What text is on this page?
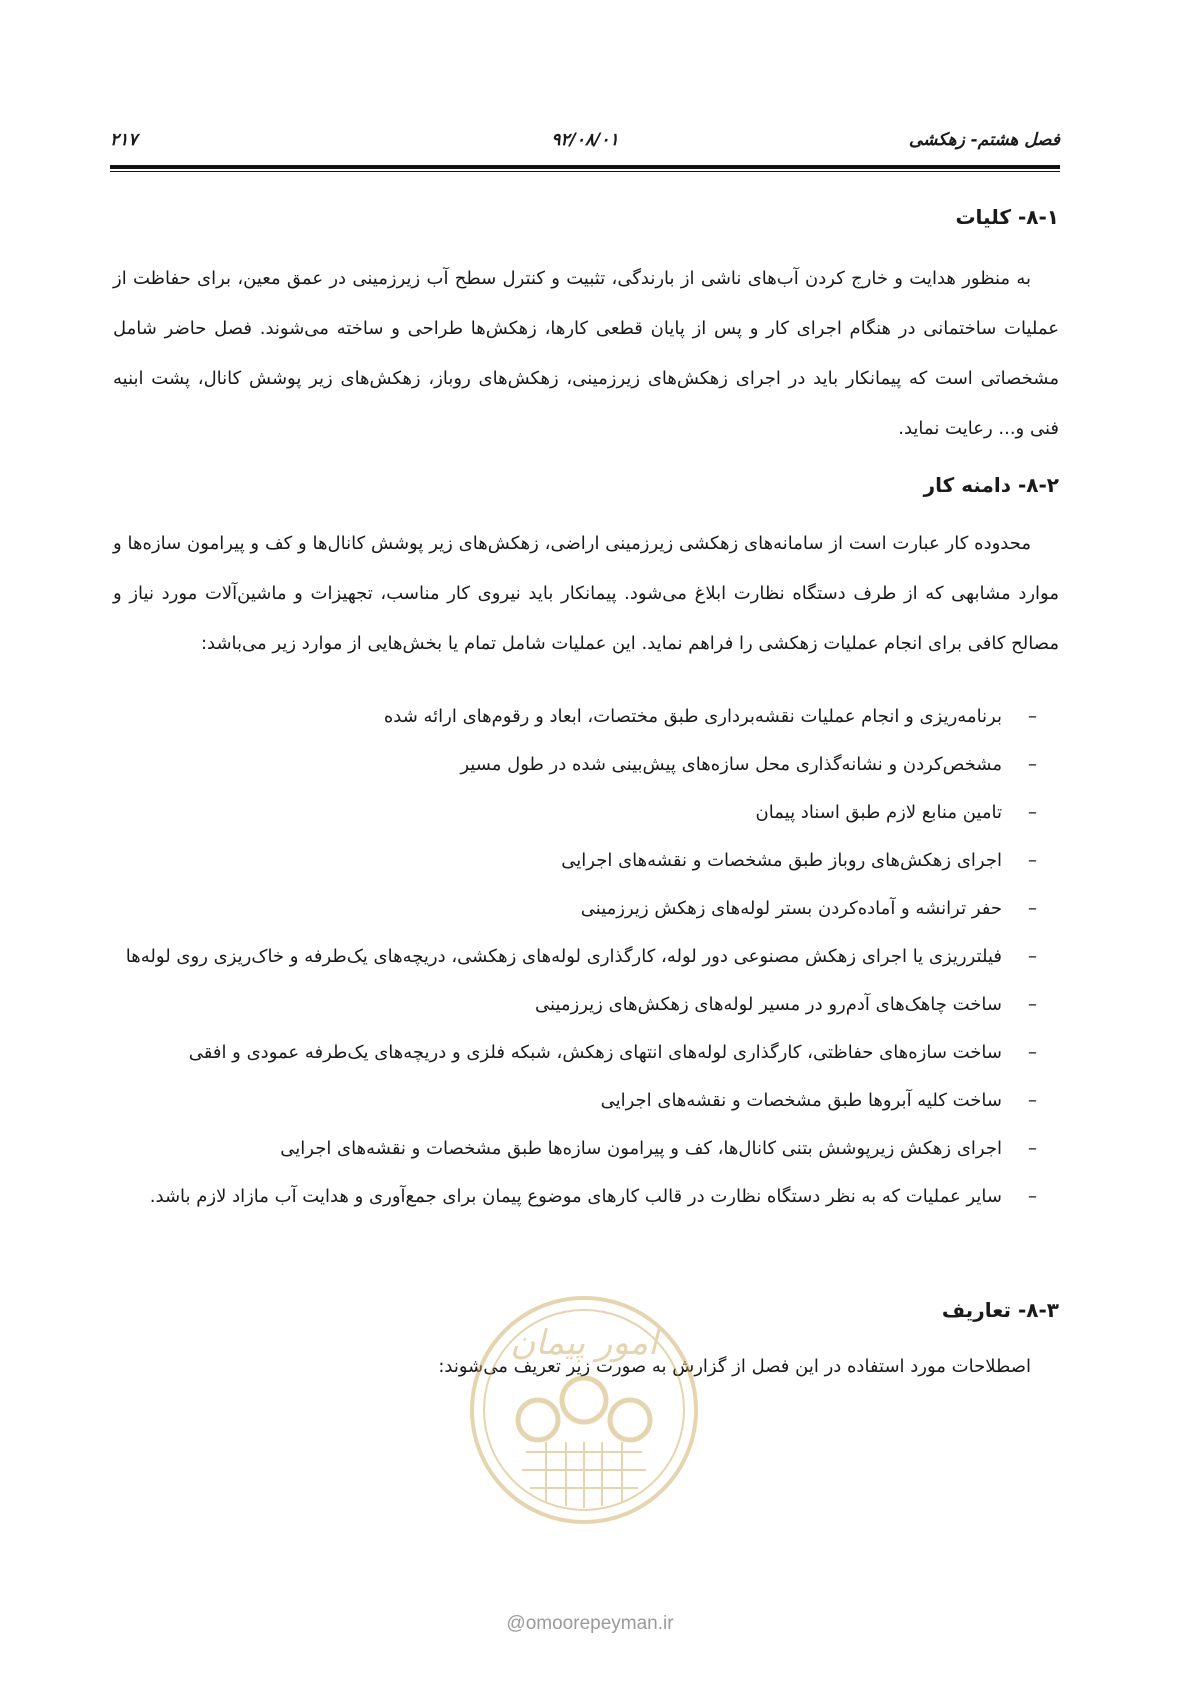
فصل هشتم- زهکشی
۹۲/۰۸/۰۱
۲۱۷
۸-۱- کلیات
به منظور هدایت و خارج کردن آب‌های ناشی از بارندگی، تثبیت و کنترل سطح آب زیرزمینی در عمق معین، برای حفاظت از عملیات ساختمانی در هنگام اجرای کار و پس از پایان قطعی کارها، زهکش‌ها طراحی و ساخته می‌شوند. فصل حاضر شامل مشخصاتی است که پیمانکار باید در اجرای زهکش‌های زیرزمینی، زهکش‌های روباز، زهکش‌های زیر پوشش کانال، پشت ابنیه فنی و... رعایت نماید.
۸-۲- دامنه کار
محدوده کار عبارت است از سامانه‌های زهکشی زیرزمینی اراضی، زهکش‌های زیر پوشش کانال‌ها و کف و پیرامون سازه‌ها و موارد مشابهی که از طرف دستگاه نظارت ابلاغ می‌شود. پیمانکار باید نیروی کار مناسب، تجهیزات و ماشین‌آلات مورد نیاز و مصالح کافی برای انجام عملیات زهکشی را فراهم نماید. این عملیات شامل تمام یا بخش‌هایی از موارد زیر می‌باشد:
–
برنامه‌ریزی و انجام عملیات نقشه‌برداری طبق مختصات، ابعاد و رقوم‌های ارائه شده
–
مشخص‌کردن و نشانه‌گذاری محل سازه‌های پیش‌بینی شده در طول مسیر
–
تامین منابع لازم طبق اسناد پیمان
–
اجرای زهکش‌های روباز طبق مشخصات و نقشه‌های اجرایی
–
حفر ترانشه و آماده‌کردن بستر لوله‌های زهکش زیرزمینی
–
فیلترریزی یا اجرای زهکش مصنوعی دور لوله، کارگذاری لوله‌های زهکشی، دریچه‌های یک‌طرفه و خاک‌ریزی روی لوله‌ها
–
ساخت چاهک‌های آدم‌رو در مسیر لوله‌های زهکش‌های زیرزمینی
–
ساخت سازه‌های حفاظتی، کارگذاری لوله‌های انتهای زهکش، شبکه فلزی و دریچه‌های یک‌طرفه عمودی و افقی
–
ساخت کلیه آبروها طبق مشخصات و نقشه‌های اجرایی
–
اجرای زهکش زیرپوشش بتنی کانال‌ها، کف و پیرامون سازه‌ها طبق مشخصات و نقشه‌های اجرایی
–
سایر عملیات که به نظر دستگاه نظارت در قالب کارهای موضوع پیمان برای جمع‌آوری و هدایت آب مازاد لازم باشد.
۸-۳- تعاریف
اصطلاحات مورد استفاده در این فصل از گزارش به صورت زیر تعریف می‌شوند:
امور پیمان
@omoorepeyman.ir
